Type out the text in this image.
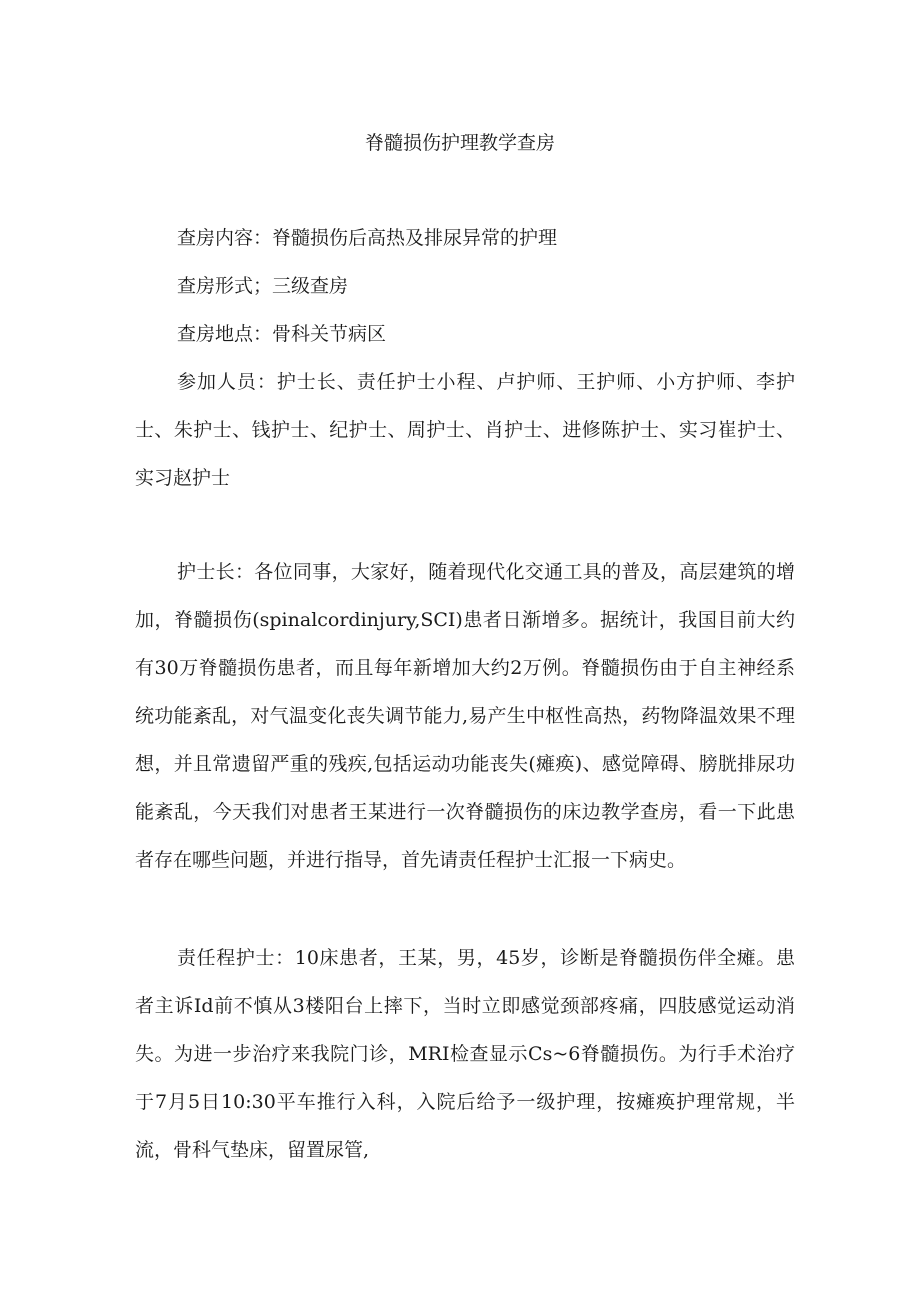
脊髓损伤护理教学查房

查房内容：脊髓损伤后高热及排尿异常的护理

查房形式；三级查房

查房地点：骨科关节病区

参加人员：护士长、责任护士小程、卢护师、王护师、小方护师、李护士、朱护士、钱护士、纪护士、周护士、肖护士、进修陈护士、实习崔护士、实习赵护士

护士长：各位同事，大家好，随着现代化交通工具的普及，高层建筑的增加，脊髓损伤(spinalcordinjury,SCI)患者日渐增多。据统计，我国目前大约有30万脊髓损伤患者，而且每年新增加大约2万例。脊髓损伤由于自主神经系统功能紊乱，对气温变化丧失调节能力,易产生中枢性高热，药物降温效果不理想，并且常遗留严重的残疾,包括运动功能丧失(瘫痪)、感觉障碍、膀胱排尿功能紊乱，今天我们对患者王某进行一次脊髓损伤的床边教学查房，看一下此患者存在哪些问题，并进行指导，首先请责任程护士汇报一下病史。

责任程护士：10床患者，王某，男，45岁，诊断是脊髓损伤伴全瘫。患者主诉Id前不慎从3楼阳台上摔下，当时立即感觉颈部疼痛，四肢感觉运动消失。为进一步治疗来我院门诊，MRI检查显示Cs~6脊髓损伤。为行手术治疗于7月5日10:30平车推行入科，入院后给予一级护理，按瘫痪护理常规，半流，骨科气垫床，留置尿管,
